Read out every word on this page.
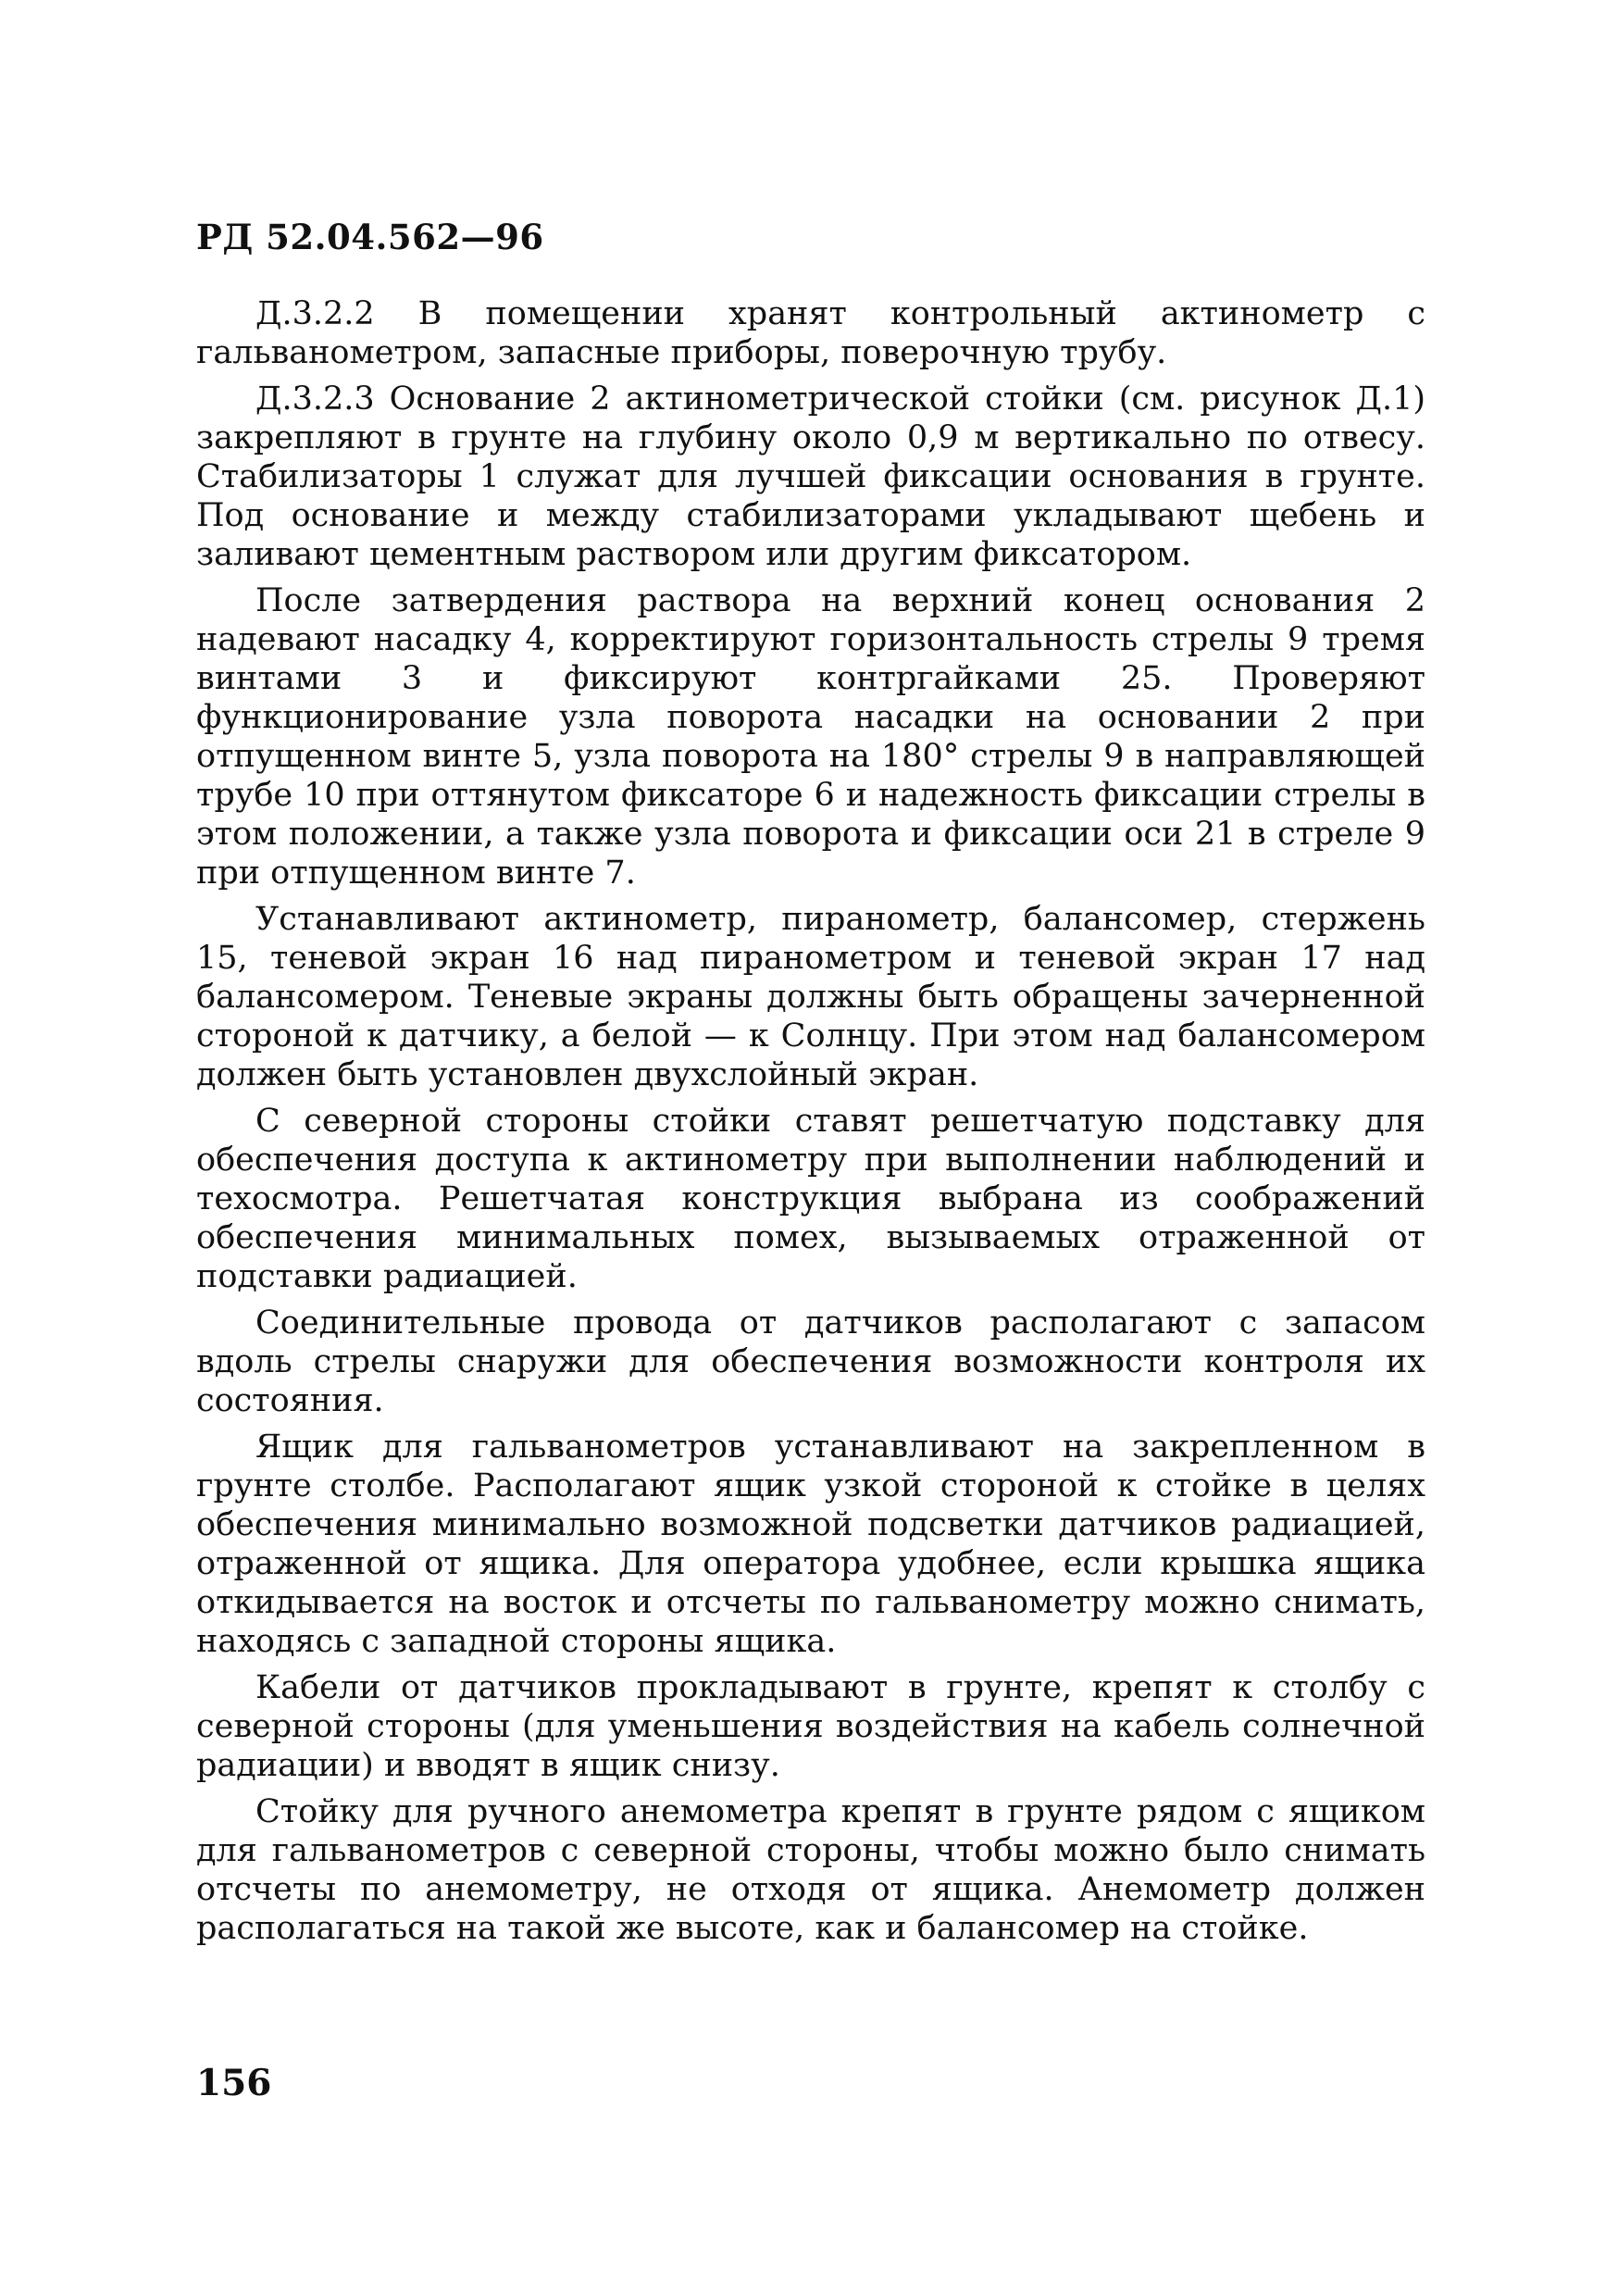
РД 52.04.562—96

Д.3.2.2 В помещении хранят контрольный актинометр с гальванометром, запасные приборы, поверочную трубу.

Д.3.2.3 Основание 2 актинометрической стойки (см. рисунок Д.1) закрепляют в грунте на глубину около 0,9 м вертикально по отвесу. Стабилизаторы 1 служат для лучшей фиксации основания в грунте. Под основание и между стабилизаторами укладывают щебень и заливают цементным раствором или другим фиксатором.

После затвердения раствора на верхний конец основания 2 надевают насадку 4, корректируют горизонтальность стрелы 9 тремя винтами 3 и фиксируют контргайками 25. Проверяют функционирование узла поворота насадки на основании 2 при отпущенном винте 5, узла поворота на 180° стрелы 9 в направляющей трубе 10 при оттянутом фиксаторе 6 и надежность фиксации стрелы в этом положении, а также узла поворота и фиксации оси 21 в стреле 9 при отпущенном винте 7.

Устанавливают актинометр, пиранометр, балансомер, стержень 15, теневой экран 16 над пиранометром и теневой экран 17 над балансомером. Теневые экраны должны быть обращены зачерненной стороной к датчику, а белой — к Солнцу. При этом над балансомером должен быть установлен двухслойный экран.

С северной стороны стойки ставят решетчатую подставку для обеспечения доступа к актинометру при выполнении наблюдений и техосмотра. Решетчатая конструкция выбрана из соображений обеспечения минимальных помех, вызываемых отраженной от подставки радиацией.

Соединительные провода от датчиков располагают с запасом вдоль стрелы снаружи для обеспечения возможности контроля их состояния.

Ящик для гальванометров устанавливают на закрепленном в грунте столбе. Располагают ящик узкой стороной к стойке в целях обеспечения минимально возможной подсветки датчиков радиацией, отраженной от ящика. Для оператора удобнее, если крышка ящика откидывается на восток и отсчеты по гальванометру можно снимать, находясь с западной стороны ящика.

Кабели от датчиков прокладывают в грунте, крепят к столбу с северной стороны (для уменьшения воздействия на кабель солнечной радиации) и вводят в ящик снизу.

Стойку для ручного анемометра крепят в грунте рядом с ящиком для гальванометров с северной стороны, чтобы можно было снимать отсчеты по анемометру, не отходя от ящика. Анемометр должен располагаться на такой же высоте, как и балансомер на стойке.

156
